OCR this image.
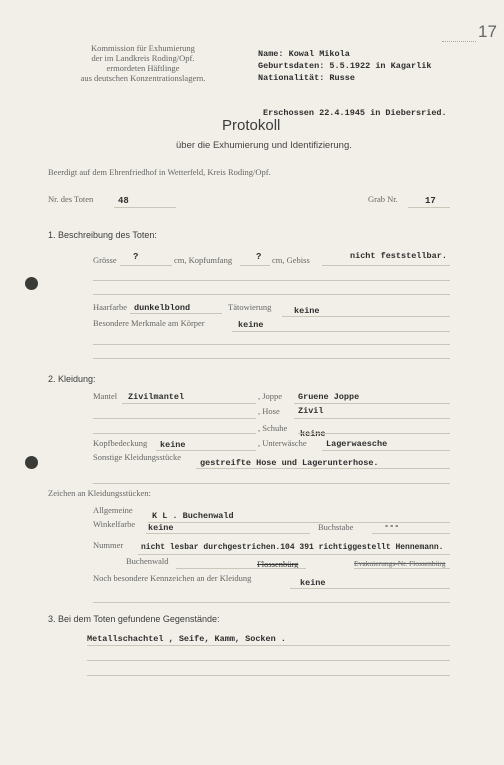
17
Kommission für Exhumierung
der im Landkreis Roding/Opf.
ermordeten Häftlinge
aus deutschen Konzentrationslagern.
Name: Kowal Mikola
Geburtsdaten: 5.5.1922 in Kagarlik
Nationalität: Russe
Erschossen 22.4.1945 in Diebersried.
Protokoll
über die Exhumierung und Identifizierung.
Beerdigt auf dem Ehrenfriedhof in Wetterfeld, Kreis Roding/Opf.
Nr. des Toten	48	Grab Nr.	17
1. Beschreibung des Toten:
Grösse ?	cm, Kopfumfang	? cm, Gebiss	nicht feststellbar.
Haarfarbe dunkelblond	Tätowierung	keine
Besondere Merkmale am Körper	keine
2. Kleidung:
Mantel Zivilmantel	, Joppe Gruene Joppe
, Hose Zivil
, Schuhe
keine
Kopfbedeckung keine	, Unterwäsche Lagerwaesche
Sonstige Kleidungsstücke
gestreifte Hose und Lagerunterhose.
Zeichen an Kleidungsstücken:
Allgemeine
K L . Buchenwald
Winkelfarbe keine	Buchstabe	---
Nummer nicht lesbar durchgestrichen.104 391 richtiggestellt Hennemann.
Buchenwald	Flossenbürg	Evakuierungs-Nr. Flossenbürg
Noch besondere Kennzeichen an der Kleidung	keine
3. Bei dem Toten gefundene Gegenstände:
Metallschachtel , Seife, Kamm, Socken .
